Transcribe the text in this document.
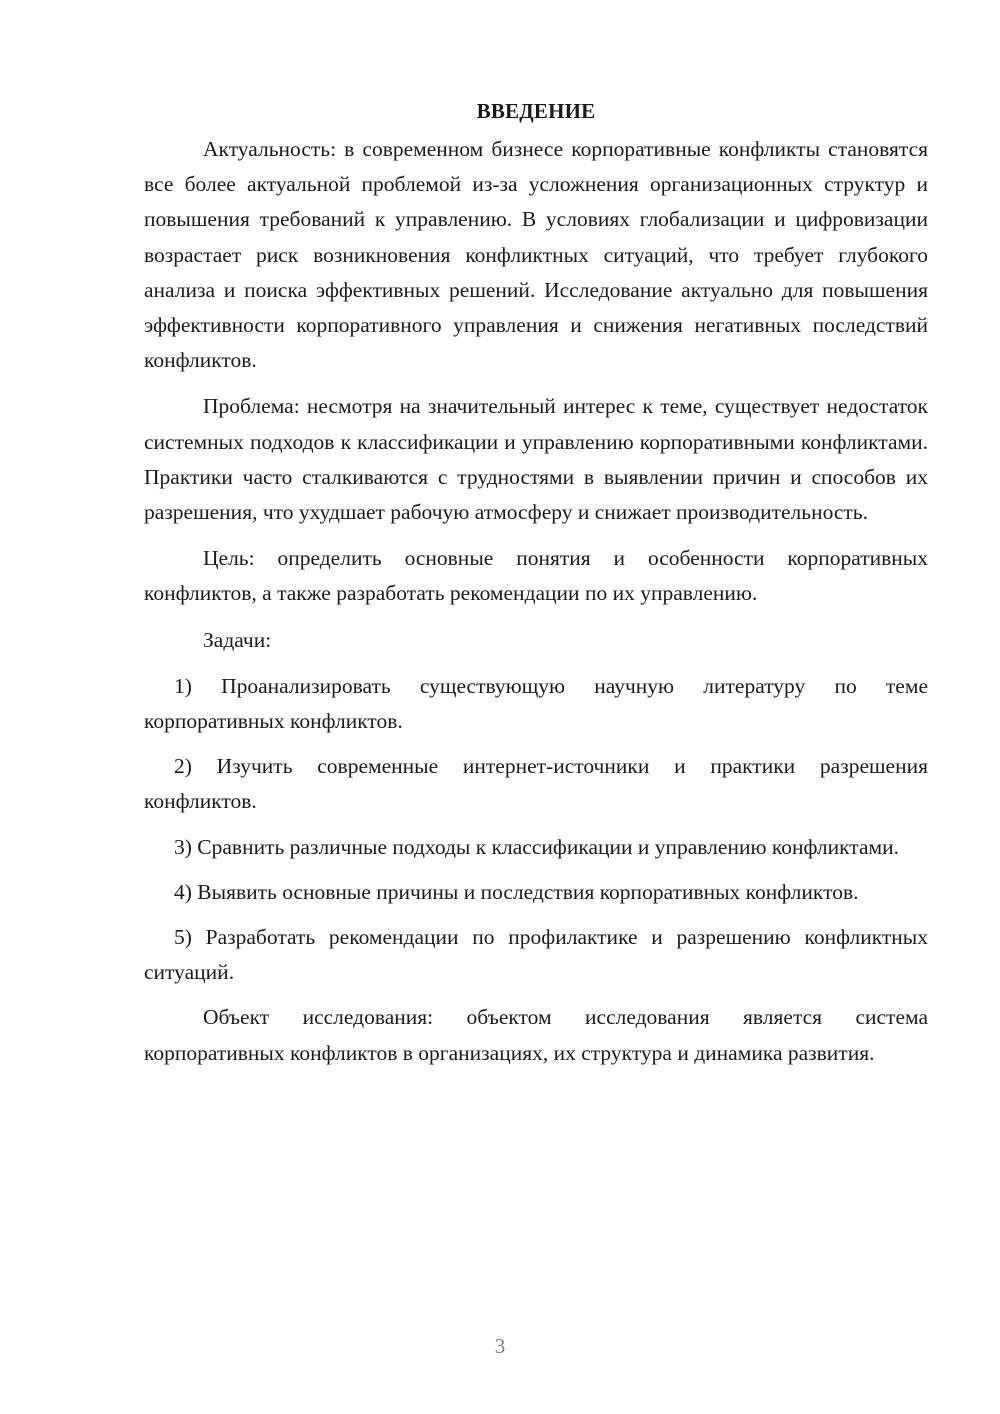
ВВЕДЕНИЕ

Актуальность: в современном бизнесе корпоративные конфликты становятся все более актуальной проблемой из-за усложнения организационных структур и повышения требований к управлению. В условиях глобализации и цифровизации возрастает риск возникновения конфликтных ситуаций, что требует глубокого анализа и поиска эффективных решений. Исследование актуально для повышения эффективности корпоративного управления и снижения негативных последствий конфликтов.

Проблема: несмотря на значительный интерес к теме, существует недостаток системных подходов к классификации и управлению корпоративными конфликтами. Практики часто сталкиваются с трудностями в выявлении причин и способов их разрешения, что ухудшает рабочую атмосферу и снижает производительность.

Цель: определить основные понятия и особенности корпоративных конфликтов, а также разработать рекомендации по их управлению.

Задачи:

1) Проанализировать существующую научную литературу по теме корпоративных конфликтов.

2) Изучить современные интернет-источники и практики разрешения конфликтов.

3) Сравнить различные подходы к классификации и управлению конфликтами.

4) Выявить основные причины и последствия корпоративных конфликтов.

5) Разработать рекомендации по профилактике и разрешению конфликтных ситуаций.

Объект исследования: объектом исследования является система корпоративных конфликтов в организациях, их структура и динамика развития.

3
